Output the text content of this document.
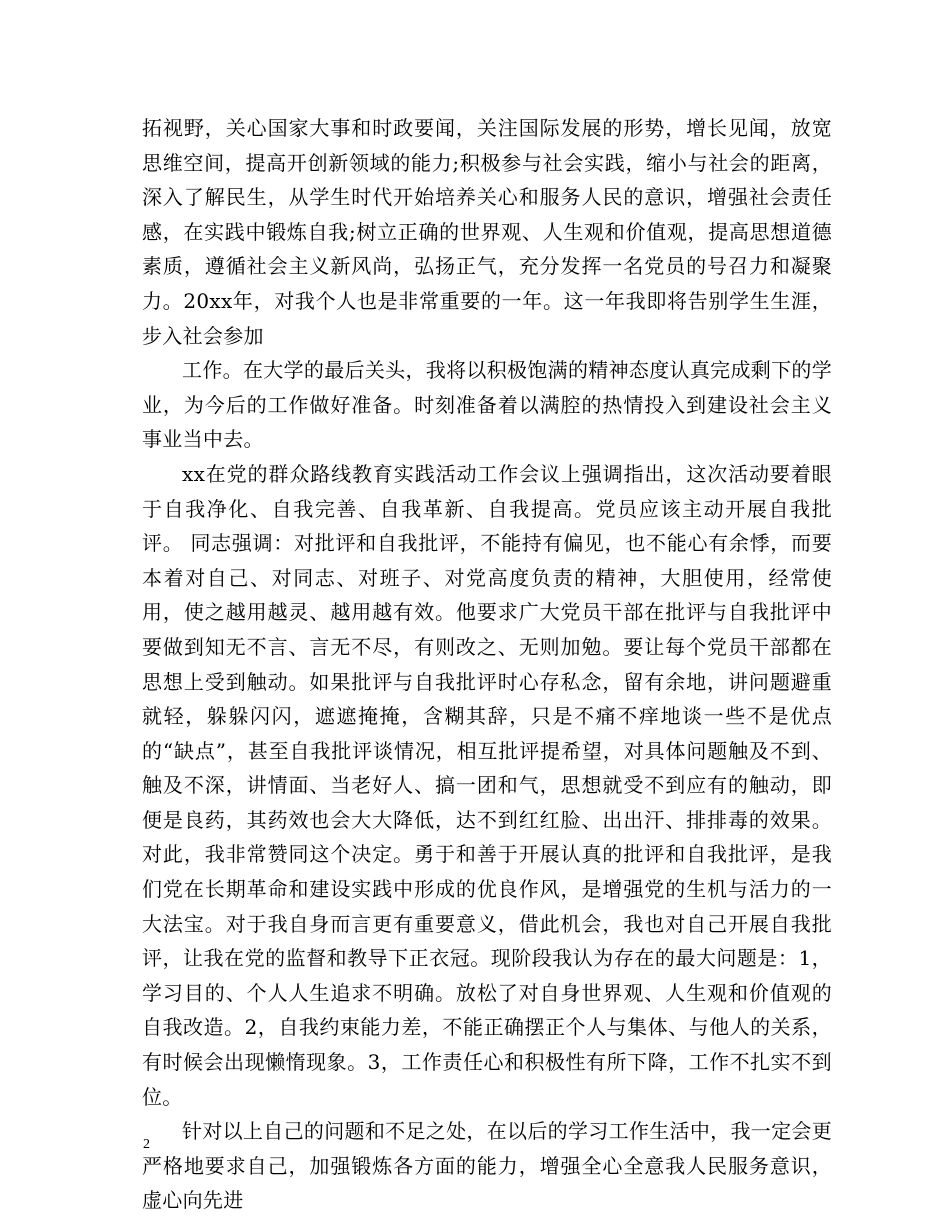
拓视野，关心国家大事和时政要闻，关注国际发展的形势，增长见闻，放宽思维空间，提高开创新领域的能力;积极参与社会实践，缩小与社会的距离，深入了解民生，从学生时代开始培养关心和服务人民的意识，增强社会责任感，在实践中锻炼自我;树立正确的世界观、人生观和价值观，提高思想道德素质，遵循社会主义新风尚，弘扬正气，充分发挥一名党员的号召力和凝聚力。20xx年，对我个人也是非常重要的一年。这一年我即将告别学生生涯，步入社会参加

工作。在大学的最后关头，我将以积极饱满的精神态度认真完成剩下的学业，为今后的工作做好准备。时刻准备着以满腔的热情投入到建设社会主义事业当中去。

xx在党的群众路线教育实践活动工作会议上强调指出，这次活动要着眼于自我净化、自我完善、自我革新、自我提高。党员应该主动开展自我批评。 同志强调：对批评和自我批评，不能持有偏见，也不能心有余悸，而要本着对自己、对同志、对班子、对党高度负责的精神，大胆使用，经常使用，使之越用越灵、越用越有效。他要求广大党员干部在批评与自我批评中要做到知无不言、言无不尽，有则改之、无则加勉。要让每个党员干部都在思想上受到触动。如果批评与自我批评时心存私念，留有余地，讲问题避重就轻，躲躲闪闪，遮遮掩掩，含糊其辞，只是不痛不痒地谈一些不是优点的“缺点”，甚至自我批评谈情况，相互批评提希望，对具体问题触及不到、触及不深，讲情面、当老好人、搞一团和气，思想就受不到应有的触动，即便是良药，其药效也会大大降低，达不到红红脸、出出汗、排排毒的效果。对此，我非常赞同这个决定。勇于和善于开展认真的批评和自我批评，是我们党在长期革命和建设实践中形成的优良作风，是增强党的生机与活力的一大法宝。对于我自身而言更有重要意义，借此机会，我也对自己开展自我批评，让我在党的监督和教导下正衣冠。现阶段我认为存在的最大问题是：1，学习目的、个人人生追求不明确。放松了对自身世界观、人生观和价值观的自我改造。2，自我约束能力差，不能正确摆正个人与集体、与他人的关系，有时候会出现懒惰现象。3，工作责任心和积极性有所下降，工作不扎实不到位。

针对以上自己的问题和不足之处，在以后的学习工作生活中，我一定会更严格地要求自己，加强锻炼各方面的能力，增强全心全意我人民服务意识，虚心向先进

2
